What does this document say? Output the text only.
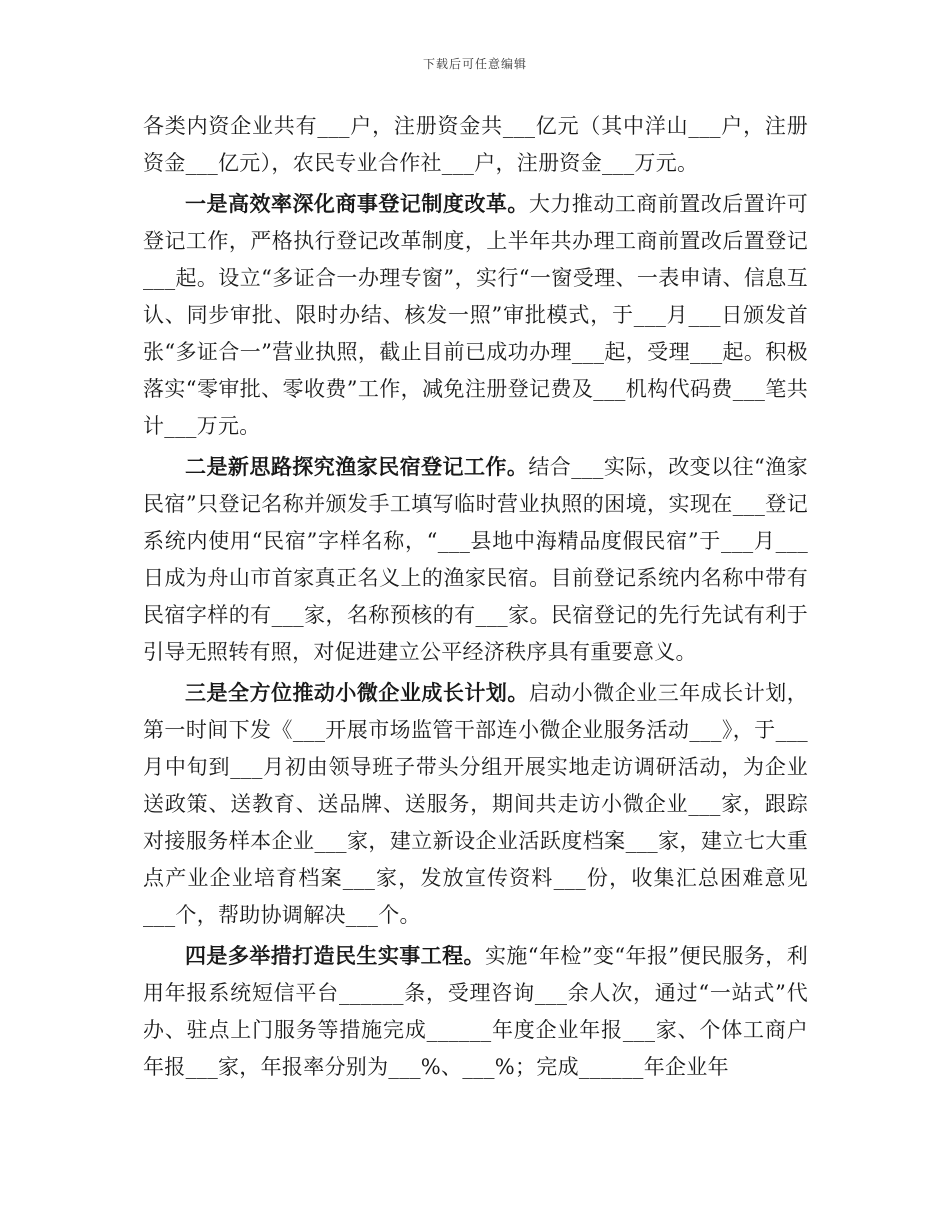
下载后可任意编辑

各类内资企业共有___户，注册资金共___亿元（其中洋山___户，注册资金___亿元），农民专业合作社___户，注册资金___万元。

一是高效率深化商事登记制度改革。大力推动工商前置改后置许可登记工作，严格执行登记改革制度，上半年共办理工商前置改后置登记___起。设立“多证合一办理专窗”，实行“一窗受理、一表申请、信息互认、同步审批、限时办结、核发一照”审批模式，于___月___日颁发首张“多证合一”营业执照，截止目前已成功办理___起，受理___起。积极落实“零审批、零收费”工作，减免注册登记费及___机构代码费___笔共计___万元。

二是新思路探究渔家民宿登记工作。结合___实际，改变以往“渔家民宿”只登记名称并颁发手工填写临时营业执照的困境，实现在___登记系统内使用“民宿”字样名称，“___县地中海精品度假民宿”于___月___日成为舟山市首家真正名义上的渔家民宿。目前登记系统内名称中带有民宿字样的有___家，名称预核的有___家。民宿登记的先行先试有利于引导无照转有照，对促进建立公平经济秩序具有重要意义。

三是全方位推动小微企业成长计划。启动小微企业三年成长计划，第一时间下发《___开展市场监管干部连小微企业服务活动___》，于___月中旬到___月初由领导班子带头分组开展实地走访调研活动，为企业送政策、送教育、送品牌、送服务，期间共走访小微企业___家，跟踪对接服务样本企业___家，建立新设企业活跃度档案___家，建立七大重点产业企业培育档案___家，发放宣传资料___份，收集汇总困难意见___个，帮助协调解决___个。

四是多举措打造民生实事工程。实施“年检”变“年报”便民服务，利用年报系统短信平台______条，受理咨询___余人次，通过“一站式”代办、驻点上门服务等措施完成______年度企业年报___家、个体工商户年报___家，年报率分别为___%、___%；完成______年企业年
